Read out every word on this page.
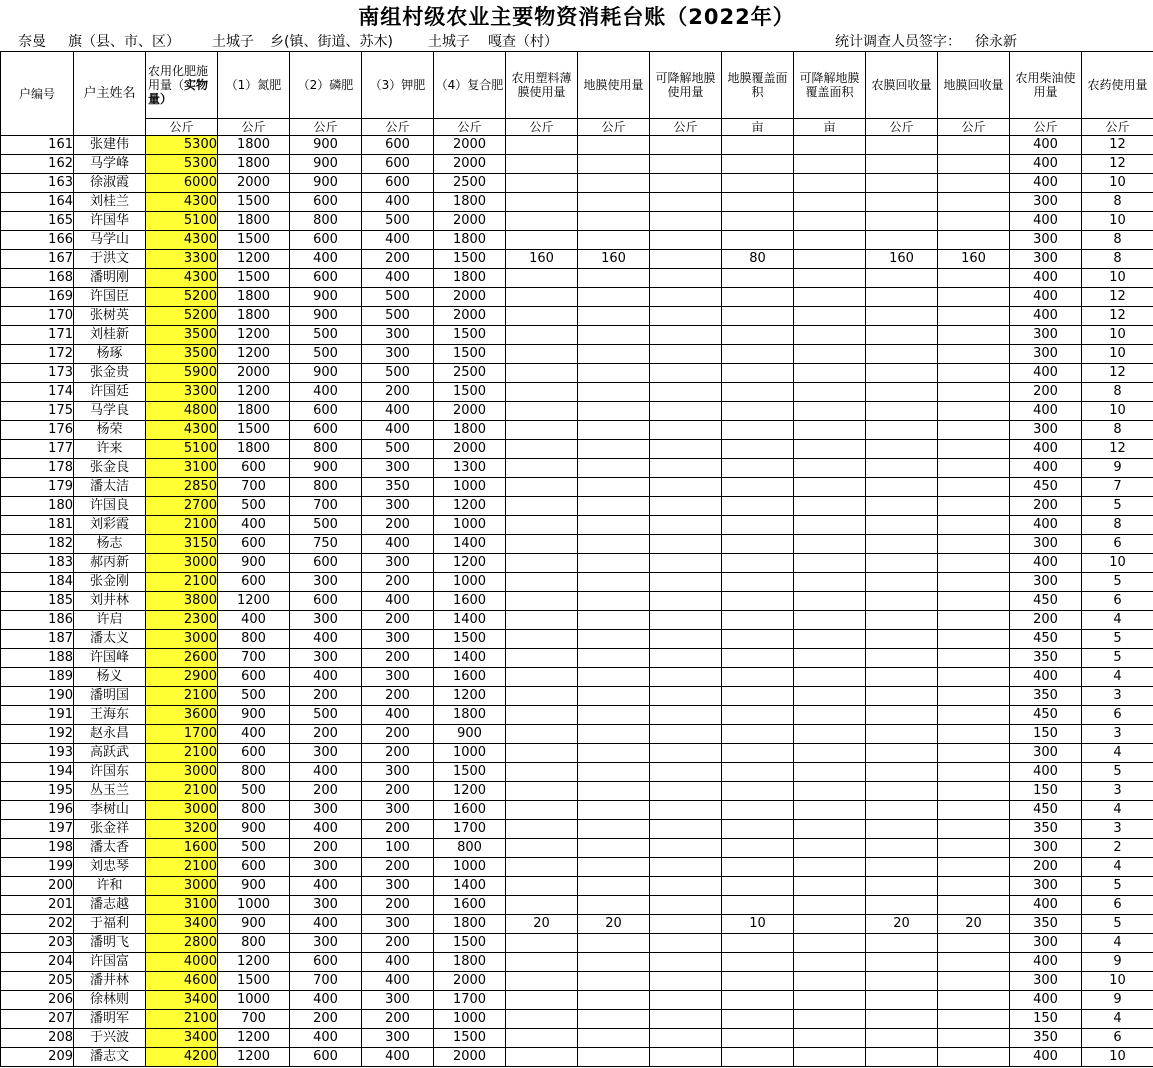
南组村级农业主要物资消耗台账（2022年）
奈曼 旗（县、市、区） 土城子 乡(镇、街道、苏木)	土城子 嘎查（村）	统计调查人员签字： 徐永新
户编号	户主姓名	农用化肥施用量（实物量）	（1）氮肥	（2）磷肥	（3）钾肥	（4）复合肥	农用塑料薄膜使用量	地膜使用量	可降解地膜使用量	地膜覆盖面积	可降解地膜覆盖面积	农膜回收量	地膜回收量	农用柴油使用量	农药使用量
		公斤	公斤	公斤	公斤	公斤	公斤	公斤	公斤	亩	亩	公斤	公斤	公斤	公斤
161	张建伟	5300	1800	900	600	2000								400	12
162	马学峰	5300	1800	900	600	2000								400	12
163	徐淑霞	6000	2000	900	600	2500								400	10
164	刘桂兰	4300	1500	600	400	1800								300	8
165	许国华	5100	1800	800	500	2000								400	10
166	马学山	4300	1500	600	400	1800								300	8
167	于洪文	3300	1200	400	200	1500	160	160		80		160	160	300	8
168	潘明刚	4300	1500	600	400	1800								400	10
169	许国臣	5200	1800	900	500	2000								400	12
170	张树英	5200	1800	900	500	2000								400	12
171	刘桂新	3500	1200	500	300	1500								300	10
172	杨琢	3500	1200	500	300	1500								300	10
173	张金贵	5900	2000	900	500	2500								400	12
174	许国廷	3300	1200	400	200	1500								200	8
175	马学良	4800	1800	600	400	2000								400	10
176	杨荣	4300	1500	600	400	1800								300	8
177	许来	5100	1800	800	500	2000								400	12
178	张金良	3100	600	900	300	1300								400	9
179	潘太洁	2850	700	800	350	1000								450	7
180	许国良	2700	500	700	300	1200								200	5
181	刘彩霞	2100	400	500	200	1000								400	8
182	杨志	3150	600	750	400	1400								300	6
183	郝丙新	3000	900	600	300	1200								400	10
184	张金刚	2100	600	300	200	1000								300	5
185	刘井林	3800	1200	600	400	1600								450	6
186	许启	2300	400	300	200	1400								200	4
187	潘太义	3000	800	400	300	1500								450	5
188	许国峰	2600	700	300	200	1400								350	5
189	杨义	2900	600	400	300	1600								400	4
190	潘明国	2100	500	200	200	1200								350	3
191	王海东	3600	900	500	400	1800								450	6
192	赵永昌	1700	400	200	200	900								150	3
193	高跃武	2100	600	300	200	1000								300	4
194	许国东	3000	800	400	300	1500								400	5
195	丛玉兰	2100	500	200	200	1200								150	3
196	李树山	3000	800	300	300	1600								450	4
197	张金祥	3200	900	400	200	1700								350	3
198	潘太香	1600	500	200	100	800								300	2
199	刘忠琴	2100	600	300	200	1000								200	4
200	许和	3000	900	400	300	1400								300	5
201	潘志越	3100	1000	300	200	1600								400	6
202	于福利	3400	900	400	300	1800	20	20		10		20	20	350	5
203	潘明飞	2800	800	300	200	1500								300	4
204	许国富	4000	1200	600	400	1800								400	9
205	潘井林	4600	1500	700	400	2000								300	10
206	徐林则	3400	1000	400	300	1700								400	9
207	潘明军	2100	700	200	200	1000								150	4
208	于兴波	3400	1200	400	300	1500								350	6
209	潘志文	4200	1200	600	400	2000								400	10
